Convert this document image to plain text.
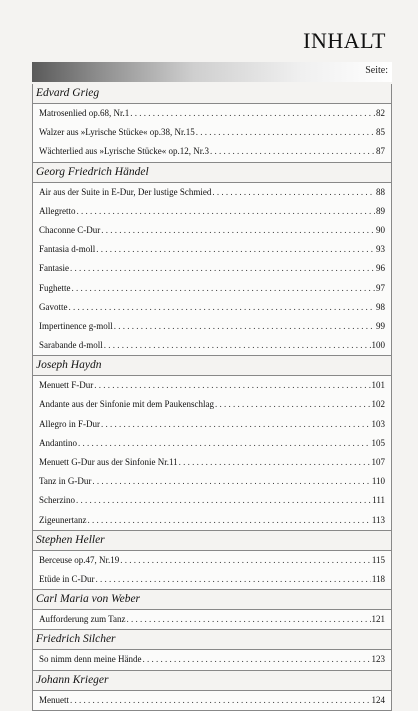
INHALT
Seite:
Edvard Grieg
Matrosenlied op.68, Nr.1 . . .	82
Walzer aus »Lyrische Stücke« op.38, Nr.15 . . .	85
Wächterlied aus »Lyrische Stücke« op.12, Nr.3 . . .	87
Georg Friedrich Händel
Air aus der Suite in E-Dur, Der lustige Schmied . . .	88
Allegretto . . .	89
Chaconne C-Dur . . .	90
Fantasia d-moll . . .	93
Fantasie . . .	96
Fughette . . .	97
Gavotte . . .	98
Impertinence g-moll . . .	99
Sarabande d-moll . . .	100
Joseph Haydn
Menuett F-Dur . . .	101
Andante aus der Sinfonie mit dem Paukenschlag . . .	102
Allegro in F-Dur . . .	103
Andantino . . .	105
Menuett G-Dur aus der Sinfonie Nr.11 . . .	107
Tanz in G-Dur . . .	110
Scherzino . . .	111
Zigeunertanz . . .	113
Stephen Heller
Berceuse op.47, Nr.19 . . .	115
Etüde in C-Dur . . .	118
Carl Maria von Weber
Aufforderung zum Tanz . . .	121
Friedrich Silcher
So nimm denn meine Hände . . .	123
Johann Krieger
Menuett . . .	124
